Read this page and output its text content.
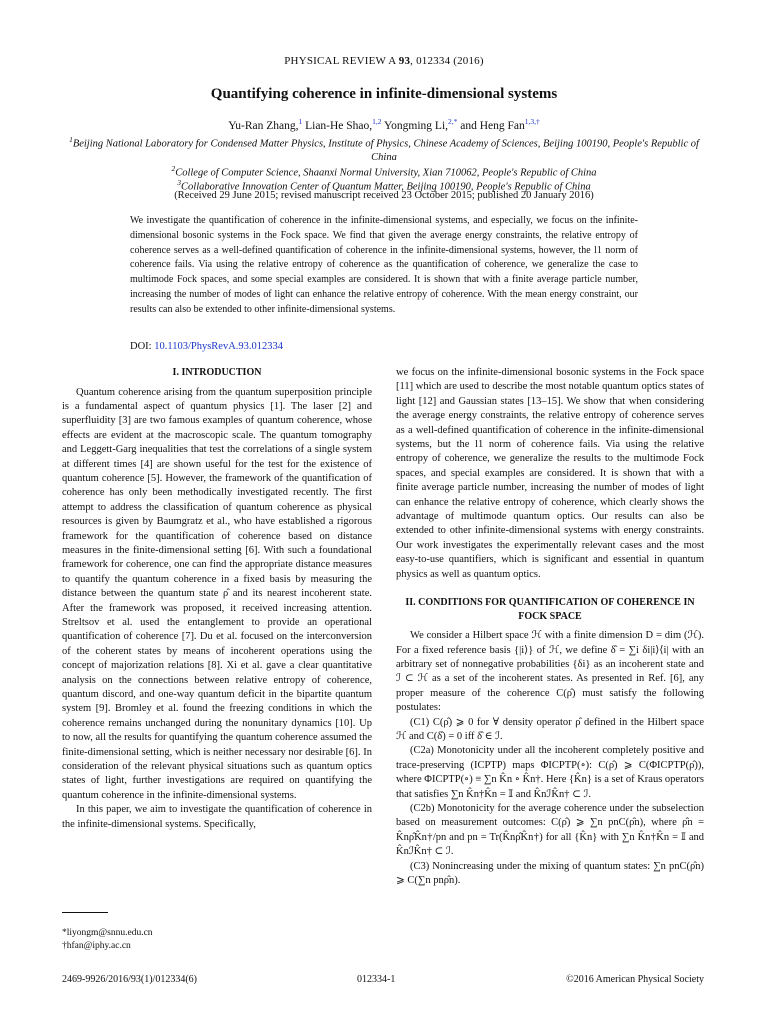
PHYSICAL REVIEW A 93, 012334 (2016)
Quantifying coherence in infinite-dimensional systems
Yu-Ran Zhang,$^1$ Lian-He Shao,$^{1,2}$ Yongming Li,$^{2,*}$ and Heng Fan$^{1,3,\dagger}$
$^1$Beijing National Laboratory for Condensed Matter Physics, Institute of Physics, Chinese Academy of Sciences, Beijing 100190, People's Republic of China
$^2$College of Computer Science, Shaanxi Normal University, Xian 710062, People's Republic of China
$^3$Collaborative Innovation Center of Quantum Matter, Beijing 100190, People's Republic of China
(Received 29 June 2015; revised manuscript received 23 October 2015; published 20 January 2016)
We investigate the quantification of coherence in the infinite-dimensional systems, and especially, we focus on the infinite-dimensional bosonic systems in the Fock space. We find that given the average energy constraints, the relative entropy of coherence serves as a well-defined quantification of coherence in the infinite-dimensional systems, however, the l1 norm of coherence fails. Via using the relative entropy of coherence as the quantification of coherence, we generalize the case to multimode Fock spaces, and some special examples are considered. It is shown that with a finite average particle number, increasing the number of modes of light can enhance the relative entropy of coherence. With the mean energy constraint, our results can also be extended to other infinite-dimensional systems.
DOI: 10.1103/PhysRevA.93.012334
I. INTRODUCTION

Quantum coherence arising from the quantum superposition principle is a fundamental aspect of quantum physics [1]. The laser [2] and superfluidity [3] are two famous examples of quantum coherence, whose effects are evident at the macroscopic scale. The quantum tomography and Leggett-Garg inequalities that test the correlations of a single system at different times [4] are shown useful for the test for the existence of quantum coherence [5]. However, the framework of the quantification of coherence has only been methodically investigated recently. The first attempt to address the classification of quantum coherence as physical resources is given by Baumgratz et al., who have established a rigorous framework for the quantification of coherence based on distance measures in the finite-dimensional setting [6]. With such a foundational framework for coherence, one can find the appropriate distance measures to quantify the quantum coherence in a fixed basis by measuring the distance between the quantum state ρ̂ and its nearest incoherent state. After the framework was proposed, it received increasing attention. Streltsov et al. used the entanglement to provide an operational quantification of coherence [7]. Du et al. focused on the interconversion of the coherent states by means of incoherent operations using the concept of majorization relations [8]. Xi et al. gave a clear quantitative analysis on the connections between relative entropy of coherence, quantum discord, and one-way quantum deficit in the bipartite quantum system [9]. Bromley et al. found the freezing conditions in which the coherence remains unchanged during the nonunitary dynamics [10]. Up to now, all the results for quantifying the quantum coherence assumed the finite-dimensional setting, which is neither necessary nor desirable [6]. In consideration of the relevant physical situations such as quantum optics states of light, further investigations are required on quantifying the quantum coherence in the infinite-dimensional systems.

In this paper, we aim to investigate the quantification of coherence in the infinite-dimensional systems. Specifically,

we focus on the infinite-dimensional bosonic systems in the Fock space [11] which are used to describe the most notable quantum optics states of light [12] and Gaussian states [13–15]. We show that when considering the average energy constraints, the relative entropy of coherence serves as a well-defined quantification of coherence in the infinite-dimensional systems, but the l1 norm of coherence fails. Via using the relative entropy of coherence, we generalize the results to the multimode Fock spaces, and special examples are considered. It is shown that with a finite average particle number, increasing the number of modes of light can enhance the relative entropy of coherence, which clearly shows the advantage of multimode quantum optics. Our results can also be extended to other infinite-dimensional systems with energy constraints. Our work investigates the experimentally relevant cases and the most easy-to-use quantifiers, which is significant and essential in quantum physics as well as quantum optics.

II. CONDITIONS FOR QUANTIFICATION OF COHERENCE IN FOCK SPACE

We consider a Hilbert space ℋ with a finite dimension D = dim (ℋ). For a fixed reference basis {|i⟩} of ℋ, we define δ̂ = ∑i δi|i⟩⟨i| with an arbitrary set of nonnegative probabilities {δi} as an incoherent state and ℐ ⊂ ℋ as a set of the incoherent states. As presented in Ref. [6], any proper measure of the coherence C(ρ̂) must satisfy the following postulates:

(C1) C(ρ̂) ⩾ 0 for ∀ density operator ρ̂ defined in the Hilbert space ℋ and C(δ̂) = 0 iff δ̂ ∈ ℐ.

(C2a) Monotonicity under all the incoherent completely positive and trace-preserving (ICPTP) maps ΦICPTP(∘): C(ρ̂) ⩾ C(ΦICPTP(ρ̂)), where ΦICPTP(∘) ≡ ∑n K̂n ∘ K̂n†. Here {K̂n} is a set of Kraus operators that satisfies ∑n K̂n†K̂n = 𝕀 and K̂nℐK̂n† ⊂ ℐ.

(C2b) Monotonicity for the average coherence under the subselection based on measurement outcomes: C(ρ̂) ⩾ ∑n pnC(ρ̂n), where ρ̂n = K̂nρ̂K̂n†/pn and pn = Tr(K̂nρ̂K̂n†) for all {K̂n} with ∑n K̂n†K̂n = 𝕀 and K̂nℐK̂n† ⊂ ℐ.

(C3) Nonincreasing under the mixing of quantum states: ∑n pnC(ρ̂n) ⩾ C(∑n pnρ̂n).

*liyongm@snnu.edu.cn
†hfan@iphy.ac.cn
2469-9926/2016/93(1)/012334(6)	012334-1	©2016 American Physical Society
